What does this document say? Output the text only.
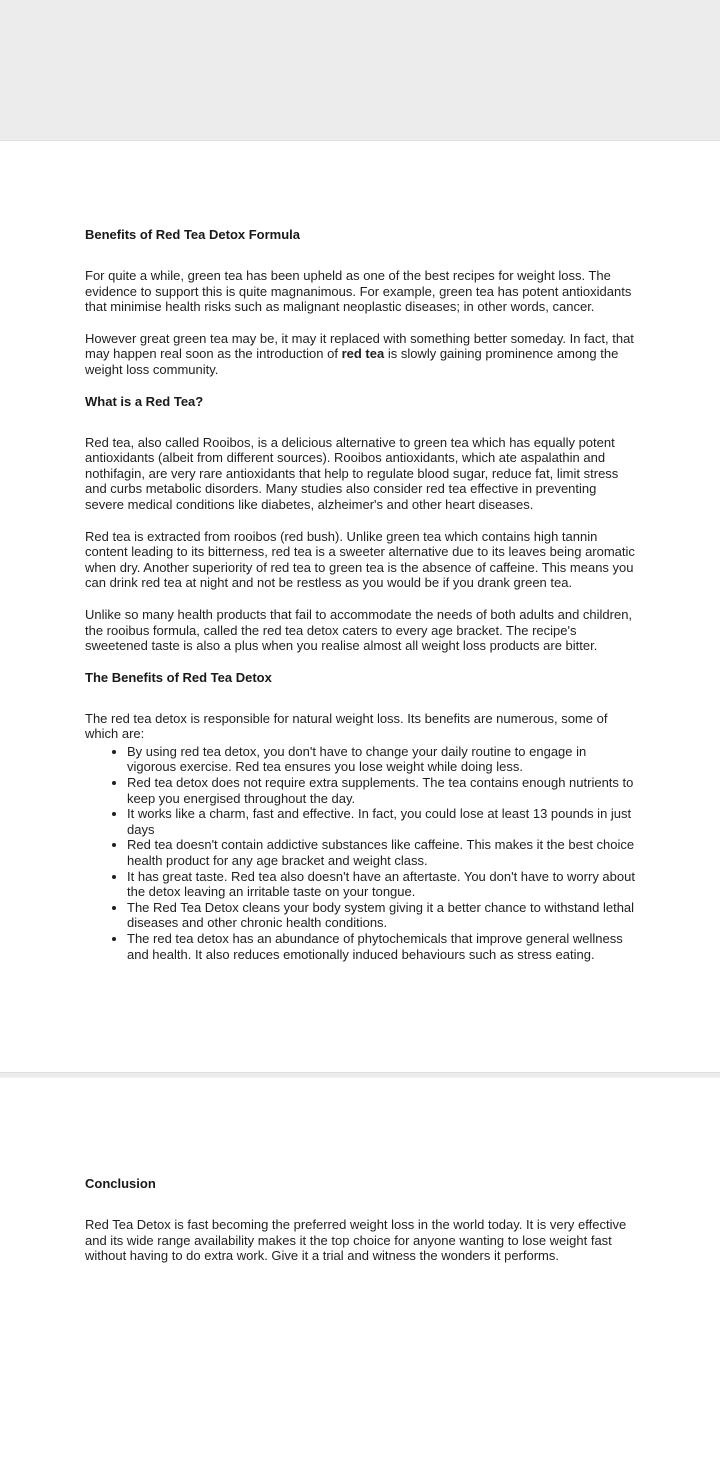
Benefits of Red Tea Detox Formula

For quite a while, green tea has been upheld as one of the best recipes for weight loss. The evidence to support this is quite magnanimous. For example, green tea has potent antioxidants that minimise health risks such as malignant neoplastic diseases; in other words, cancer.

However great green tea may be, it may it replaced with something better someday. In fact, that may happen real soon as the introduction of red tea is slowly gaining prominence among the weight loss community.

What is a Red Tea?

Red tea, also called Rooibos, is a delicious alternative to green tea which has equally potent antioxidants (albeit from different sources). Rooibos antioxidants, which ate aspalathin and nothifagin, are very rare antioxidants that help to regulate blood sugar, reduce fat, limit stress and curbs metabolic disorders. Many studies also consider red tea effective in preventing severe medical conditions like diabetes, alzheimer's and other heart diseases.

Red tea is extracted from rooibos (red bush). Unlike green tea which contains high tannin content leading to its bitterness, red tea is a sweeter alternative due to its leaves being aromatic when dry. Another superiority of red tea to green tea is the absence of caffeine. This means you can drink red tea at night and not be restless as you would be if you drank green tea.

Unlike so many health products that fail to accommodate the needs of both adults and children, the rooibus formula, called the red tea detox caters to every age bracket. The recipe's sweetened taste is also a plus when you realise almost all weight loss products are bitter.

The Benefits of Red Tea Detox

The red tea detox is responsible for natural weight loss. Its benefits are numerous, some of which are:

• By using red tea detox, you don't have to change your daily routine to engage in vigorous exercise. Red tea ensures you lose weight while doing less.
• Red tea detox does not require extra supplements. The tea contains enough nutrients to keep you energised throughout the day.
• It works like a charm, fast and effective. In fact, you could lose at least 13 pounds in just days
• Red tea doesn't contain addictive substances like caffeine. This makes it the best choice health product for any age bracket and weight class.
• It has great taste. Red tea also doesn't have an aftertaste. You don't have to worry about the detox leaving an irritable taste on your tongue.
• The Red Tea Detox cleans your body system giving it a better chance to withstand lethal diseases and other chronic health conditions.
• The red tea detox has an abundance of phytochemicals that improve general wellness and health. It also reduces emotionally induced behaviours such as stress eating.
Conclusion

Red Tea Detox is fast becoming the preferred weight loss in the world today. It is very effective and its wide range availability makes it the top choice for anyone wanting to lose weight fast without having to do extra work. Give it a trial and witness the wonders it performs.
